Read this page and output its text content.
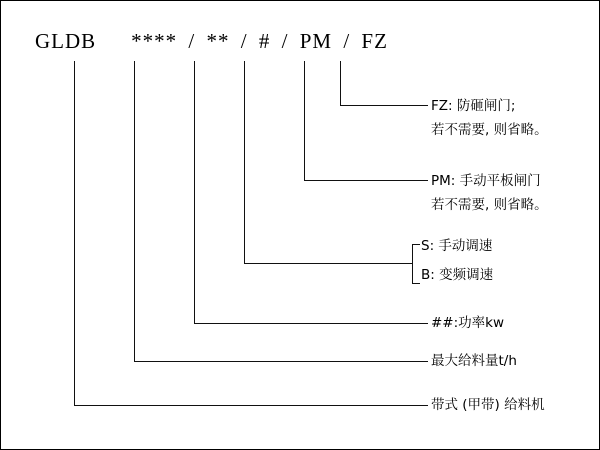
GLDB **** / ** / # / PM / FZ
FZ: 防砸闸门;
若不需要, 则省略。
PM: 手动平板闸门
若不需要, 则省略。
S: 手动调速
B: 变频调速
##:功率kw
最大给料量t/h
带式 (甲带) 给料机
